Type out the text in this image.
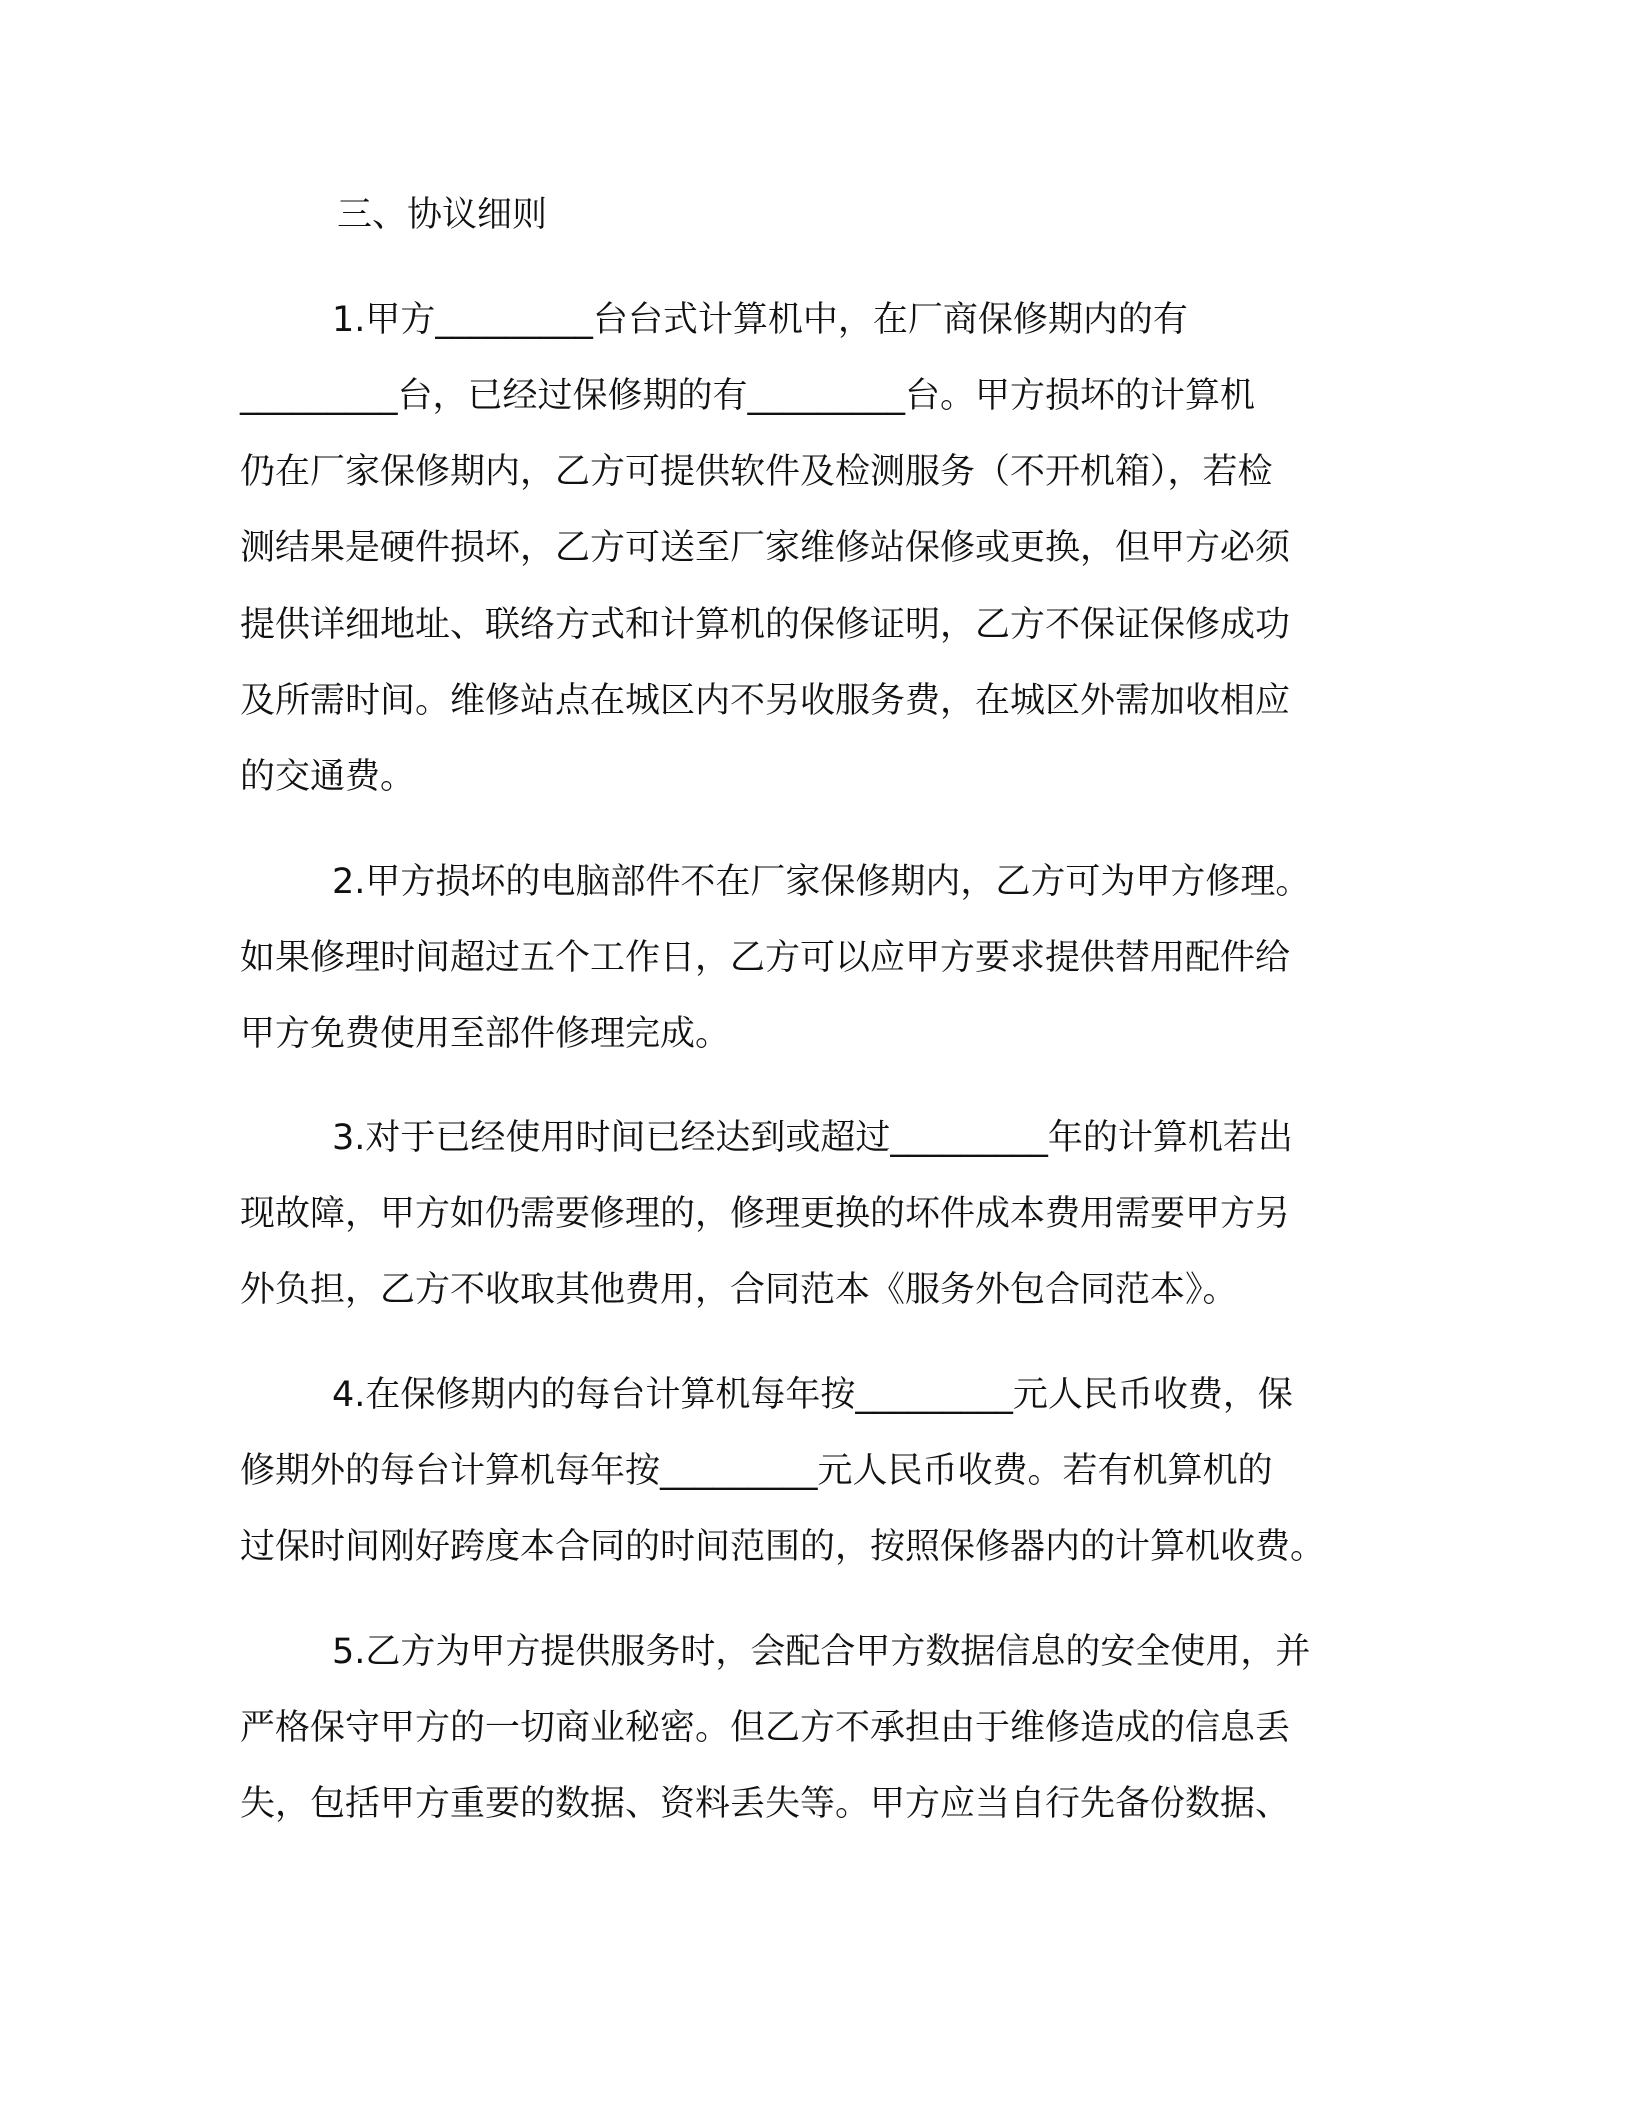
三、协议细则
1.甲方_________台台式计算机中，在厂商保修期内的有
_________台，已经过保修期的有_________台。甲方损坏的计算机
仍在厂家保修期内，乙方可提供软件及检测服务（不开机箱），若检
测结果是硬件损坏，乙方可送至厂家维修站保修或更换，但甲方必须
提供详细地址、联络方式和计算机的保修证明，乙方不保证保修成功
及所需时间。维修站点在城区内不另收服务费，在城区外需加收相应
的交通费。
2.甲方损坏的电脑部件不在厂家保修期内，乙方可为甲方修理。
如果修理时间超过五个工作日，乙方可以应甲方要求提供替用配件给
甲方免费使用至部件修理完成。
3.对于已经使用时间已经达到或超过_________年的计算机若出
现故障，甲方如仍需要修理的，修理更换的坏件成本费用需要甲方另
外负担，乙方不收取其他费用，合同范本《服务外包合同范本》。
4.在保修期内的每台计算机每年按_________元人民币收费，保
修期外的每台计算机每年按_________元人民币收费。若有机算机的
过保时间刚好跨度本合同的时间范围的，按照保修器内的计算机收费。
5.乙方为甲方提供服务时，会配合甲方数据信息的安全使用，并
严格保守甲方的一切商业秘密。但乙方不承担由于维修造成的信息丢
失，包括甲方重要的数据、资料丢失等。甲方应当自行先备份数据、
